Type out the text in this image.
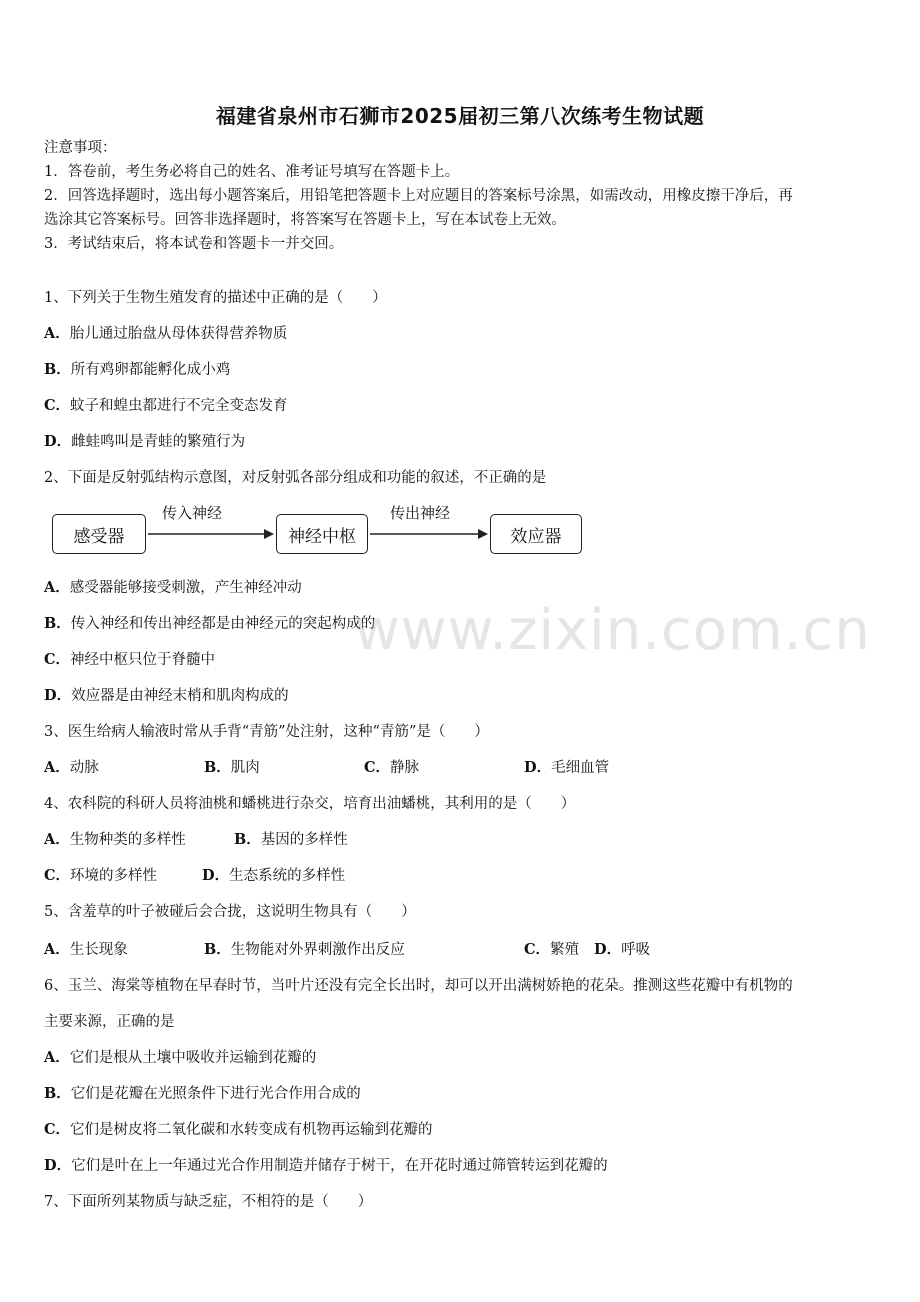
福建省泉州市石狮市2025届初三第八次练考生物试题
注意事项：
1．答卷前，考生务必将自己的姓名、准考证号填写在答题卡上。
2．回答选择题时，选出每小题答案后，用铅笔把答题卡上对应题目的答案标号涂黑，如需改动，用橡皮擦干净后，再
选涂其它答案标号。回答非选择题时，将答案写在答题卡上，写在本试卷上无效。
3．考试结束后，将本试卷和答题卡一并交回。
1、下列关于生物生殖发育的描述中正确的是（　　）
A．胎儿通过胎盘从母体获得营养物质
B．所有鸡卵都能孵化成小鸡
C．蚊子和蝗虫都进行不完全变态发育
D．雌蛙鸣叫是青蛙的繁殖行为
2、下面是反射弧结构示意图，对反射弧各部分组成和功能的叙述，不正确的是
感受器
传入神经
神经中枢
传出神经
效应器
A．感受器能够接受刺激，产生神经冲动
B．传入神经和传出神经都是由神经元的突起构成的
C．神经中枢只位于脊髓中
D．效应器是由神经末梢和肌肉构成的
www.zixin.com.cn
3、医生给病人输液时常从手背“青筋”处注射，这种“青筋”是（　　）
A．动脉	B．肌肉	C．静脉	D．毛细血管
4、农科院的科研人员将油桃和蟠桃进行杂交，培育出油蟠桃，其利用的是（　　）
A．生物种类的多样性	B．基因的多样性
C．环境的多样性	D．生态系统的多样性
5、含羞草的叶子被碰后会合拢，这说明生物具有（　　）
A．生长现象	B．生物能对外界刺激作出反应	C．繁殖 D．呼吸
6、玉兰、海棠等植物在早春时节，当叶片还没有完全长出时，却可以开出满树娇艳的花朵。推测这些花瓣中有机物的
主要来源，正确的是
A．它们是根从土壤中吸收并运输到花瓣的
B．它们是花瓣在光照条件下进行光合作用合成的
C．它们是树皮将二氧化碳和水转变成有机物再运输到花瓣的
D．它们是叶在上一年通过光合作用制造并储存于树干，在开花时通过筛管转运到花瓣的
7、下面所列某物质与缺乏症，不相符的是（　　）
